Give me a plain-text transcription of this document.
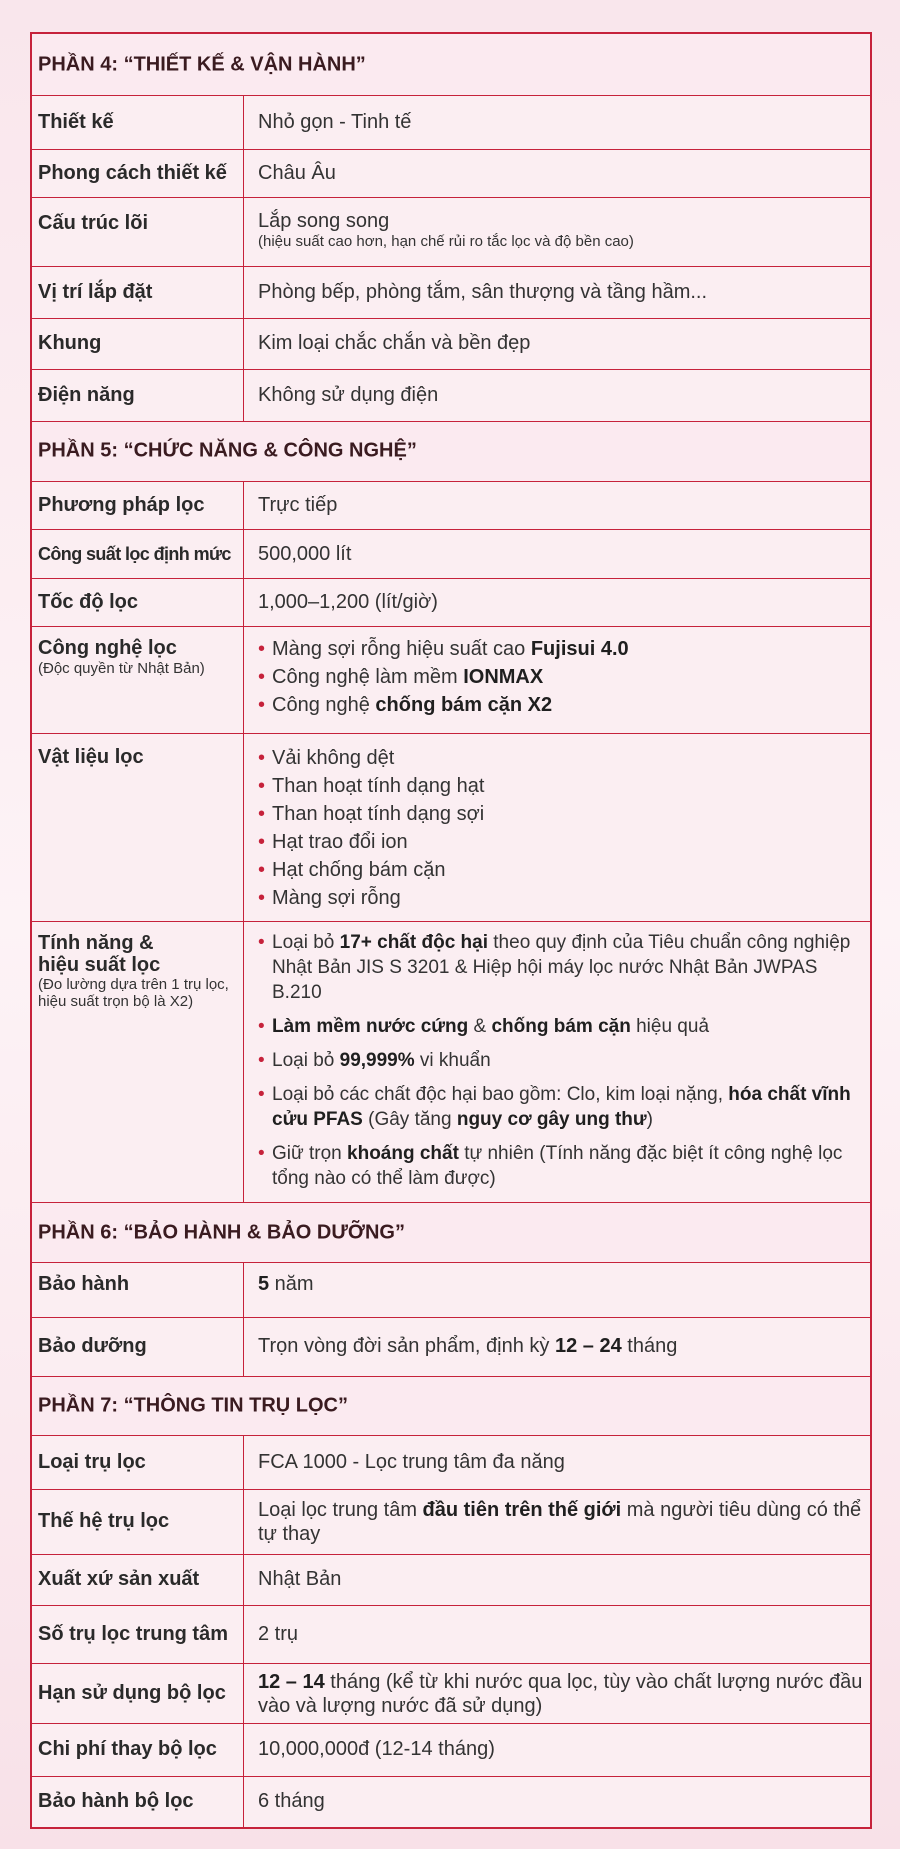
PHẦN 4: “THIẾT KẾ & VẬN HÀNH”
Thiết kế	Nhỏ gọn - Tinh tế
Phong cách thiết kế	Châu Âu
Cấu trúc lõi	Lắp song song
(hiệu suất cao hơn, hạn chế rủi ro tắc lọc và độ bền cao)
Vị trí lắp đặt	Phòng bếp, phòng tắm, sân thượng và tầng hầm...
Khung	Kim loại chắc chắn và bền đẹp
Điện năng	Không sử dụng điện
PHẦN 5: “CHỨC NĂNG & CÔNG NGHỆ”
Phương pháp lọc	Trực tiếp
Công suất lọc định mức	500,000 lít
Tốc độ lọc	1,000–1,200 (lít/giờ)
Công nghệ lọc
(Độc quyền từ Nhật Bản)
• Màng sợi rỗng hiệu suất cao Fujisui 4.0
• Công nghệ làm mềm IONMAX
• Công nghệ chống bám cặn X2
Vật liệu lọc
•	Vải không dệt
• Than hoạt tính dạng hạt
• Than hoạt tính dạng sợi
• Hạt trao đổi ion
• Hạt chống bám cặn
• Màng sợi rỗng
Tính năng &
hiệu suất lọc
(Đo lường dựa trên 1 trụ lọc, hiệu suất trọn bộ là X2)
• Loại bỏ 17+ chất độc hại theo quy định của Tiêu chuẩn công nghiệp Nhật Bản JIS S 3201 & Hiệp hội máy lọc nước Nhật Bản JWPAS B.210
• Làm mềm nước cứng & chống bám cặn hiệu quả
• Loại bỏ 99,999% vi khuẩn
• Loại bỏ các chất độc hại bao gồm: Clo, kim loại nặng, hóa chất vĩnh cửu PFAS (Gây tăng nguy cơ gây ung thư)
• Giữ trọn khoáng chất tự nhiên (Tính năng đặc biệt ít công nghệ lọc tổng nào có thể làm được)
PHẦN 6: “BẢO HÀNH & BẢO DƯỠNG”
Bảo hành	5 năm
Bảo dưỡng	Trọn vòng đời sản phẩm, định kỳ 12 – 24 tháng
PHẦN 7: “THÔNG TIN TRỤ LỌC”
Loại trụ lọc	FCA 1000 - Lọc trung tâm đa năng
Thế hệ trụ lọc
Loại lọc trung tâm đầu tiên trên thế giới mà người tiêu dùng có thể tự thay
Xuất xứ sản xuất	Nhật Bản
Số trụ lọc trung tâm	2 trụ
Hạn sử dụng bộ lọc
12 – 14 tháng (kể từ khi nước qua lọc, tùy vào chất lượng nước đầu vào và lượng nước đã sử dụng)
Chi phí thay bộ lọc	10,000,000đ (12-14 tháng)
Bảo hành bộ lọc	6 tháng
